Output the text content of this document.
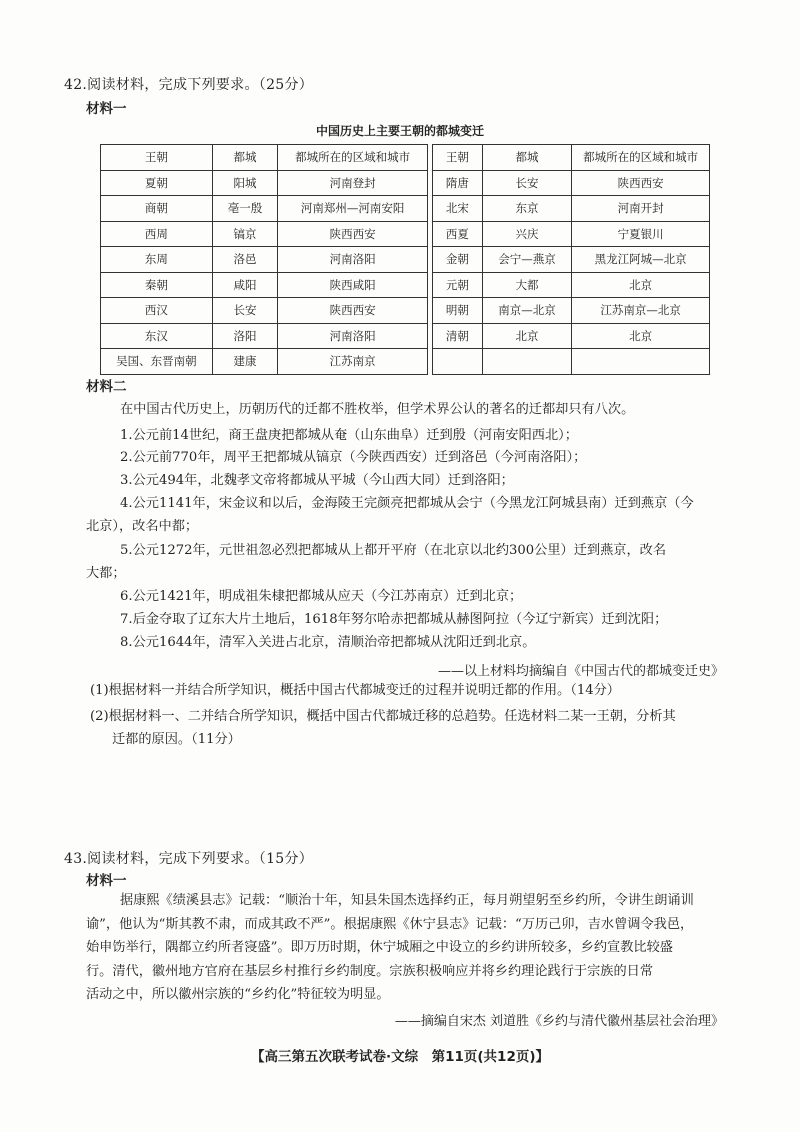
42.阅读材料，完成下列要求。（25分）
材料一
中国历史上主要王朝的都城变迁
王朝	都城	都城所在的区域和城市
夏朝	阳城	河南登封
商朝	亳一殷	河南郑州—河南安阳
西周	镐京	陕西西安
东周	洛邑	河南洛阳
秦朝	咸阳	陕西咸阳
西汉	长安	陕西西安
东汉	洛阳	河南洛阳
吴国、东晋南朝	建康	江苏南京
王朝	都城	都城所在的区域和城市
隋唐	长安	陕西西安
北宋	东京	河南开封
西夏	兴庆	宁夏银川
金朝	会宁—燕京	黑龙江阿城—北京
元朝	大都	北京
明朝	南京—北京	江苏南京—北京
清朝	北京	北京

材料二
在中国古代历史上，历朝历代的迁都不胜枚举，但学术界公认的著名的迁都却只有八次。
1.公元前14世纪，商王盘庚把都城从奄（山东曲阜）迁到殷（河南安阳西北）；
2.公元前770年，周平王把都城从镐京（今陕西西安）迁到洛邑（今河南洛阳）；
3.公元494年，北魏孝文帝将都城从平城（今山西大同）迁到洛阳；
4.公元1141年，宋金议和以后，金海陵王完颜亮把都城从会宁（今黑龙江阿城县南）迁到燕京（今
北京），改名中都；
5.公元1272年，元世祖忽必烈把都城从上都开平府（在北京以北约300公里）迁到燕京，改名
大都；
6.公元1421年，明成祖朱棣把都城从应天（今江苏南京）迁到北京；
7.后金夺取了辽东大片土地后，1618年努尔哈赤把都城从赫图阿拉（今辽宁新宾）迁到沈阳；
8.公元1644年，清军入关进占北京，清顺治帝把都城从沈阳迁到北京。
——以上材料均摘编自《中国古代的都城变迁史》
(1)根据材料一并结合所学知识，概括中国古代都城变迁的过程并说明迁都的作用。（14分）
(2)根据材料一、二并结合所学知识，概括中国古代都城迁移的总趋势。任选材料二某一王朝，分析其
迁都的原因。（11分）
43.阅读材料，完成下列要求。（15分）
材料一
据康熙《绩溪县志》记载：“顺治十年，知县朱国杰选择约正，每月朔望躬至乡约所，令讲生朗诵训
谕”，他认为“斯其教不肃，而成其政不严”。根据康熙《休宁县志》记载：“万历己卯，吉水曾调令我邑，
始申饬举行，隅都立约所者寖盛”。即万历时期，休宁城厢之中设立的乡约讲所较多，乡约宣教比较盛
行。清代，徽州地方官府在基层乡村推行乡约制度。宗族积极响应并将乡约理论践行于宗族的日常
活动之中，所以徽州宗族的“乡约化”特征较为明显。
——摘编自宋杰 刘道胜《乡约与清代徽州基层社会治理》
【高三第五次联考试卷·文综　第11页(共12页)】
